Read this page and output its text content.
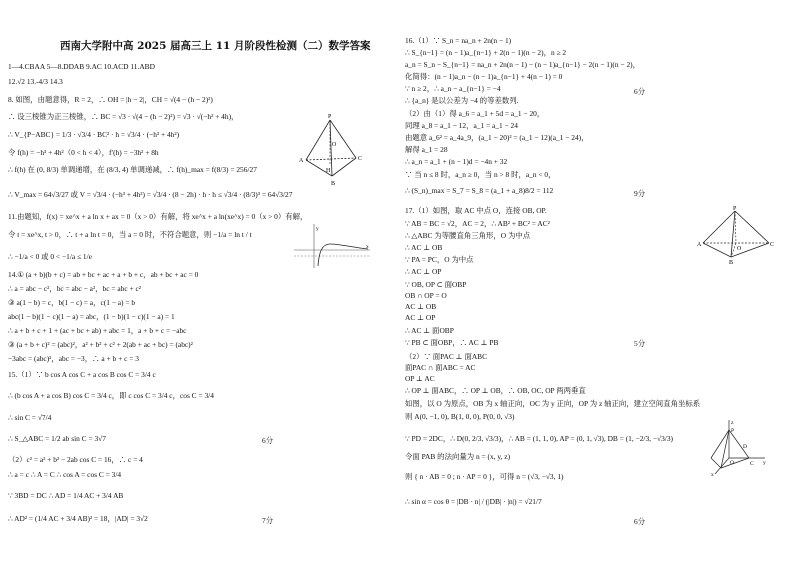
西南大学附中高 2025 届高三上 11 月阶段性检测（二）数学答案
1—4.CBAA 5—8.DDAB 9.AC 10.ACD 11.ABD
12.√2 13.-4/3 14.3
8. 如图，由题意得，R = 2，∴ OH = |h − 2|，CH = √(4 − (h − 2)²)
∴ 设三棱锥为正三棱锥，∴ BC = √3 · √(4 − (h − 2)²) = √3 · √(−h² + 4h)，
∴ V_{P−ABC} = 1/3 · √3/4 · BC² · h = √3/4 · (−h³ + 4h²)
令 f(h) = −h³ + 4h²（0 < h < 4），f′(h) = −3h² + 8h
∴ f(h) 在 (0, 8/3) 单调递增，在 (8/3, 4) 单调递减，∴ f(h)_max = f(8/3) = 256/27
∴ V_max = 64√3/27 或 V = √3/4 · (−h³ + 4h²) = √3/4 · (8 − 2h) · h · h ≤ √3/4 · (8/3)³ = 64√3/27
11.由题知，f(x) = xe^x + a ln x + ax = 0（x > 0）有解，将 xe^x + a ln(xe^x) = 0（x > 0）有解，
令 t = xe^x, t > 0，∴ t + a ln t = 0，当 a = 0 时，不符合题意，则 −1/a = ln t / t
∴ −1/a < 0 或 0 < −1/a ≤ 1/e
14.① (a + b)(b + c) = ab + bc + ac + a + b + c，ab + bc + ac = 0
∴ a = abc − c²，bc = abc − a²，bc = abc + c²
③ a(1 − b) = c，b(1 − c) = a，c(1 − a) = b
abc(1 − b)(1 − c)(1 − a) = abc，(1 − b)(1 − c)(1 − a) = 1
∴ a + b + c + 1 + (ac + bc + ab) + abc = 1，a + b + c = −abc
③ (a + b + c)² = (abc)²，a² + b² + c² + 2(ab + ac + bc) = (abc)²
−3abc = (abc)²，abc = −3，∴ a + b + c = 3
15.（1）∵ b cos A cos C + a cos B cos C = 3/4 c
∴ (b cos A + a cos B) cos C = 3/4 c，即 c cos C = 3/4 c，cos C = 3/4
∴ sin C = √7/4
∴ S_△ABC = 1/2 ab sin C = 3√7
（2）c² = a² + b² − 2ab cos C = 16，∴ c = 4
∴ a = c ∴ A = C ∴ cos A = cos C = 3/4
∵ 3BD = DC ∴ AD = 1/4 AC + 3/4 AB
∴ AD² = (1/4 AC + 3/4 AB)² = 18，|AD| = 3√2
6分
7分
P
O
A	C
H
B
y
x
16.（1）∵ S_n = na_n + 2n(n − 1)
∴ S_{n−1} = (n − 1)a_{n−1} + 2(n − 1)(n − 2)，n ≥ 2
a_n = S_n − S_{n−1} = na_n + 2n(n − 1) − (n − 1)a_{n−1} − 2(n − 1)(n − 2)，
化简得：(n − 1)a_n − (n − 1)a_{n−1} + 4(n − 1) = 0
∵ n ≥ 2，∴ a_n − a_{n−1} = −4
∴ {a_n} 是以公差为 −4 的等差数列.
（2）由（1）得 a_6 = a_1 + 5d = a_1 − 20，
同理 a_8 = a_1 − 12，a_1 = a_1 − 24
由题意 a_6² = a_4a_9，(a_1 − 20)² = (a_1 − 12)(a_1 − 24)，
解得 a_1 = 28
∴ a_n = a_1 + (n − 1)d = −4n + 32
∵ 当 n ≤ 8 时，a_n ≥ 0，当 n > 8 时，a_n < 0，
∴ (S_n)_max = S_7 = S_8 = (a_1 + a_8)8/2 = 112
17.（1）如图，取 AC 中点 O，连接 OB, OP.
∵ AB = BC = √2，AC = 2，∴ AB² + BC² = AC²
∴ △ABC 为等腰直角三角形，O 为中点
∴ AC ⊥ OB
∵ PA = PC，O 为中点
∴ AC ⊥ OP
∵ OB, OP ⊂ 面OBP
OB ∩ OP = O
AC ⊥ OB
AC ⊥ OP
∴ AC ⊥ 面OBP
∵ PB ⊂ 面OBP，∴ AC ⊥ PB
（2）∵ 面PAC ⊥ 面ABC
面PAC ∩ 面ABC = AC
OP ⊥ AC
∴ OP ⊥ 面ABC，∴ OP ⊥ OB，∴ OB, OC, OP 两两垂直
如图，以 O 为原点，OB 为 x 轴正向，OC 为 y 正向，OP 为 z 轴正向，建立空间直角坐标系
则 A(0, −1, 0), B(1, 0, 0), P(0, 0, √3)
∵ PD = 2DC，∴ D(0, 2/3, √3/3)，∴ AB = (1, 1, 0), AP = (0, 1, √3), DB = (1, −2/3, −√3/3)
令面 PAB 的法向量为 n = (x, y, z)
则 { n · AB = 0 ; n · AP = 0 }，可得 n = (√3, −√3, 1)
∴ sin α = cos θ = |DB · n| / (|DB| · |n|) = √21/7
6分
9分
5分
6分
P
A
O
C
B
z
P
D
O	C y
x
